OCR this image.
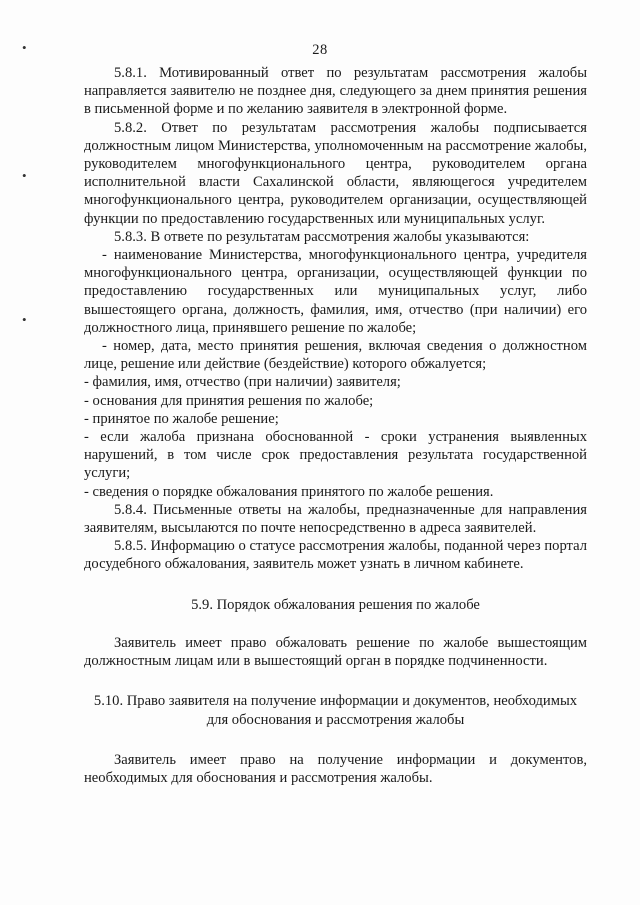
•
•
•
28

5.8.1. Мотивированный ответ по результатам рассмотрения жалобы направляется заявителю не позднее дня, следующего за днем принятия решения в письменной форме и по желанию заявителя в электронной форме.

5.8.2. Ответ по результатам рассмотрения жалобы подписывается должностным лицом Министерства, уполномоченным на рассмотрение жалобы, руководителем многофункционального центра, руководителем органа исполнительной власти Сахалинской области, являющегося учредителем многофункционального центра, руководителем организации, осуществляющей функции по предоставлению государственных или муниципальных услуг.

5.8.3. В ответе по результатам рассмотрения жалобы указываются:

- наименование Министерства, многофункционального центра, учредителя многофункционального центра, организации, осуществляющей функции по предоставлению государственных или муниципальных услуг, либо вышестоящего органа, должность, фамилия, имя, отчество (при наличии) его должностного лица, принявшего решение по жалобе;

- номер, дата, место принятия решения, включая сведения о должностном лице, решение или действие (бездействие) которого обжалуется;

- фамилия, имя, отчество (при наличии) заявителя;

- основания для принятия решения по жалобе;

- принятое по жалобе решение;

- если жалоба признана обоснованной - сроки устранения выявленных нарушений, в том числе срок предоставления результата государственной услуги;

- сведения о порядке обжалования принятого по жалобе решения.

5.8.4. Письменные ответы на жалобы, предназначенные для направления заявителям, высылаются по почте непосредственно в адреса заявителей.

5.8.5. Информацию о статусе рассмотрения жалобы, поданной через портал досудебного обжалования, заявитель может узнать в личном кабинете.

5.9. Порядок обжалования решения по жалобе

Заявитель имеет право обжаловать решение по жалобе вышестоящим должностным лицам или в вышестоящий орган в порядке подчиненности.

5.10. Право заявителя на получение информации и документов, необходимых

для обоснования и рассмотрения жалобы

Заявитель имеет право на получение информации и документов, необходимых для обоснования и рассмотрения жалобы.
